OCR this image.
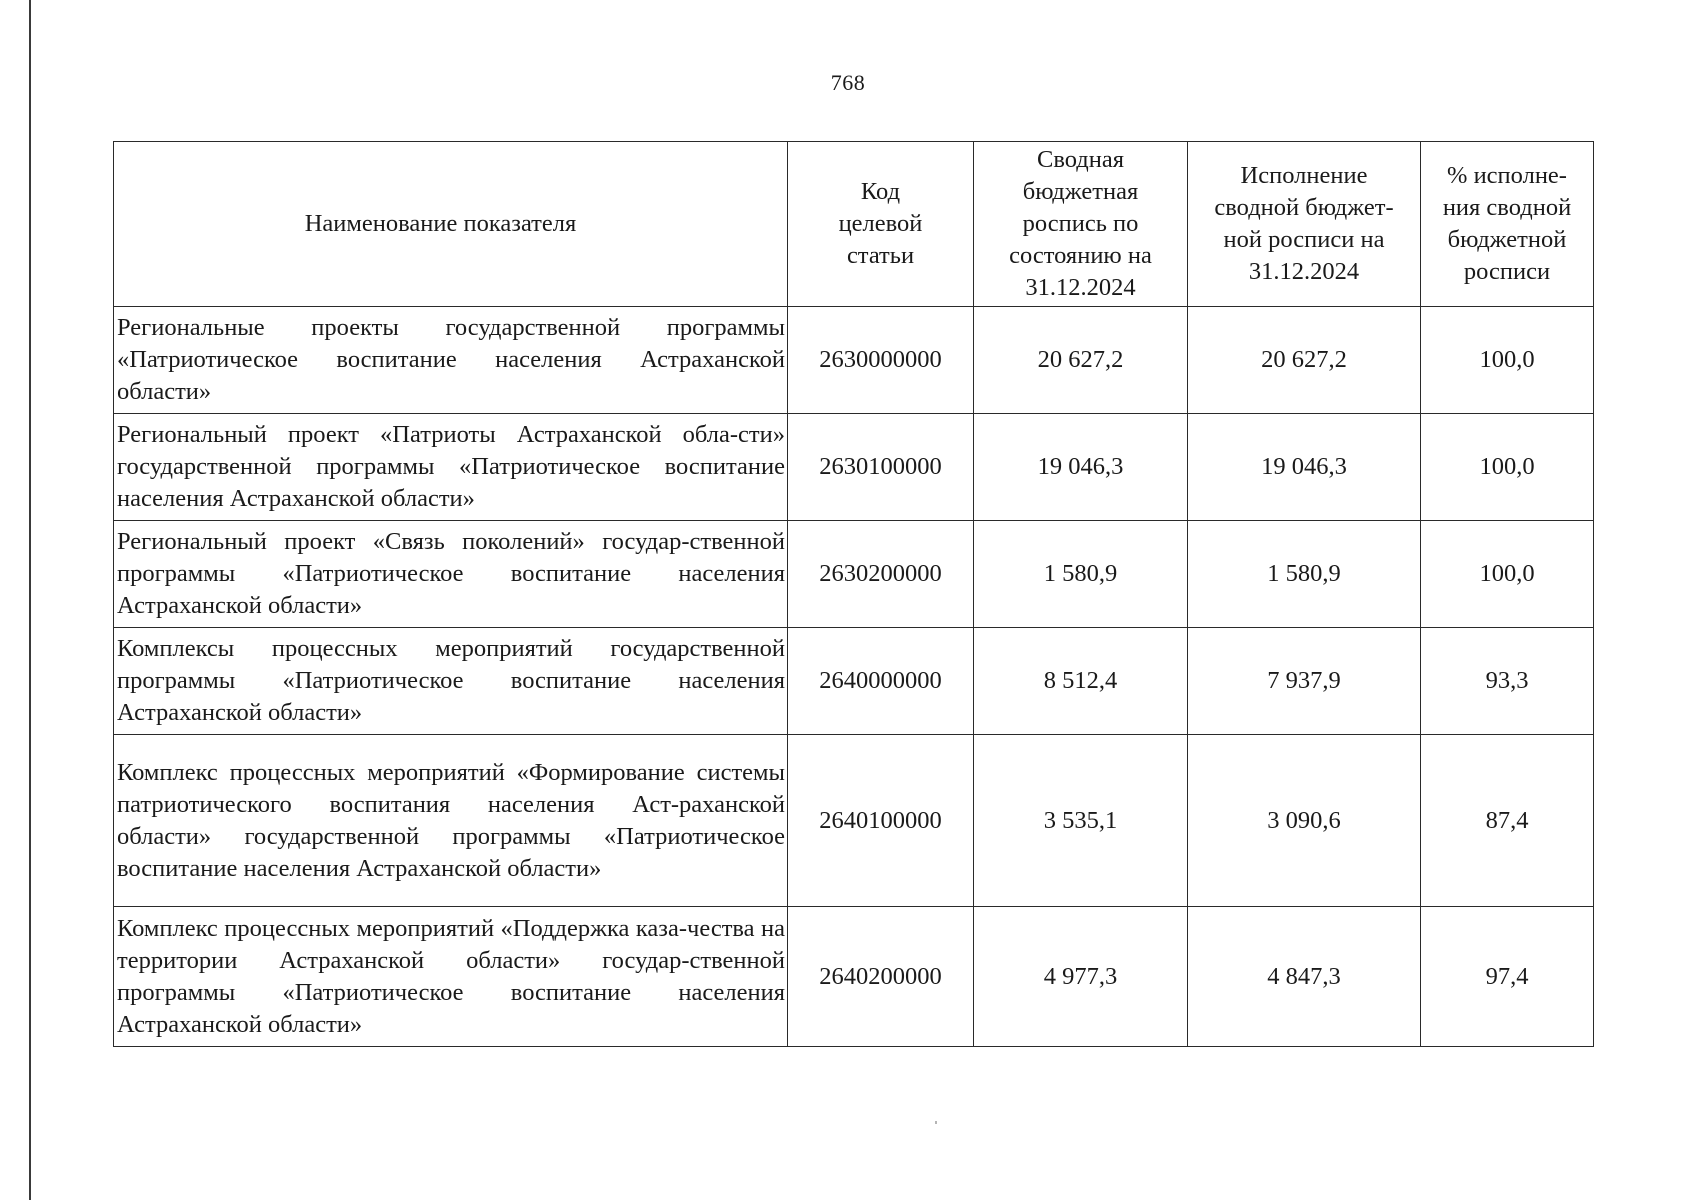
768
Наименование показателя	Код целевой статьи	Сводная бюджетная роспись по состоянию на 31.12.2024	Исполнение сводной бюджет-ной росписи на 31.12.2024	% исполне-ния сводной бюджетной росписи

Региональные проекты государственной программы «Патриотическое воспитание населения Астраханской области»	2630000000	20 627,2	20 627,2	100,0
Региональный проект «Патриоты Астраханской обла-сти» государственной программы «Патриотическое воспитание населения Астраханской области»	2630100000	19 046,3	19 046,3	100,0
Региональный проект «Связь поколений» государ-ственной программы «Патриотическое воспитание населения Астраханской области»	2630200000	1 580,9	1 580,9	100,0
Комплексы процессных мероприятий государственной программы «Патриотическое воспитание населения Астраханской области»	2640000000	8 512,4	7 937,9	93,3
Комплекс процессных мероприятий «Формирование системы патриотического воспитания населения Аст-раханской области» государственной программы «Патриотическое воспитание населения Астраханской области»	2640100000	3 535,1	3 090,6	87,4
Комплекс процессных мероприятий «Поддержка каза-чества на территории Астраханской области» государ-ственной программы «Патриотическое воспитание населения Астраханской области»	2640200000	4 977,3	4 847,3	97,4
